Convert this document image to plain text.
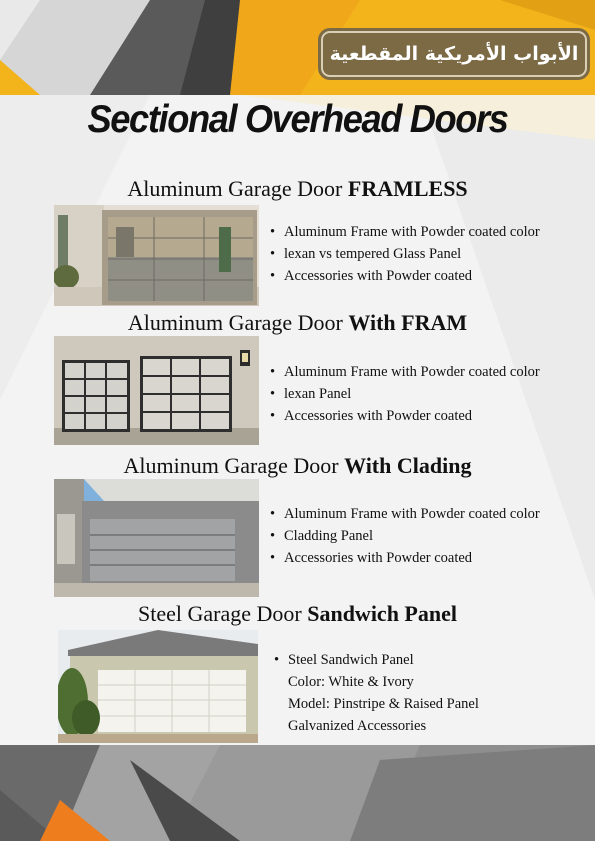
الأبواب الأمريكية المقطعية
Sectional Overhead Doors
Aluminum Garage Door FRAMLESS
• Aluminum Frame with Powder coated color
• lexan vs tempered Glass Panel
• Accessories with Powder coated
Aluminum Garage Door With FRAM
• Aluminum Frame with Powder coated color
• lexan Panel
• Accessories with Powder coated
Aluminum Garage Door With Clading
• Aluminum Frame with Powder coated color
• Cladding Panel
• Accessories with Powder coated
Steel Garage Door Sandwich Panel
• Steel Sandwich Panel
Color: White & Ivory
Model: Pinstripe & Raised Panel
Galvanized Accessories
